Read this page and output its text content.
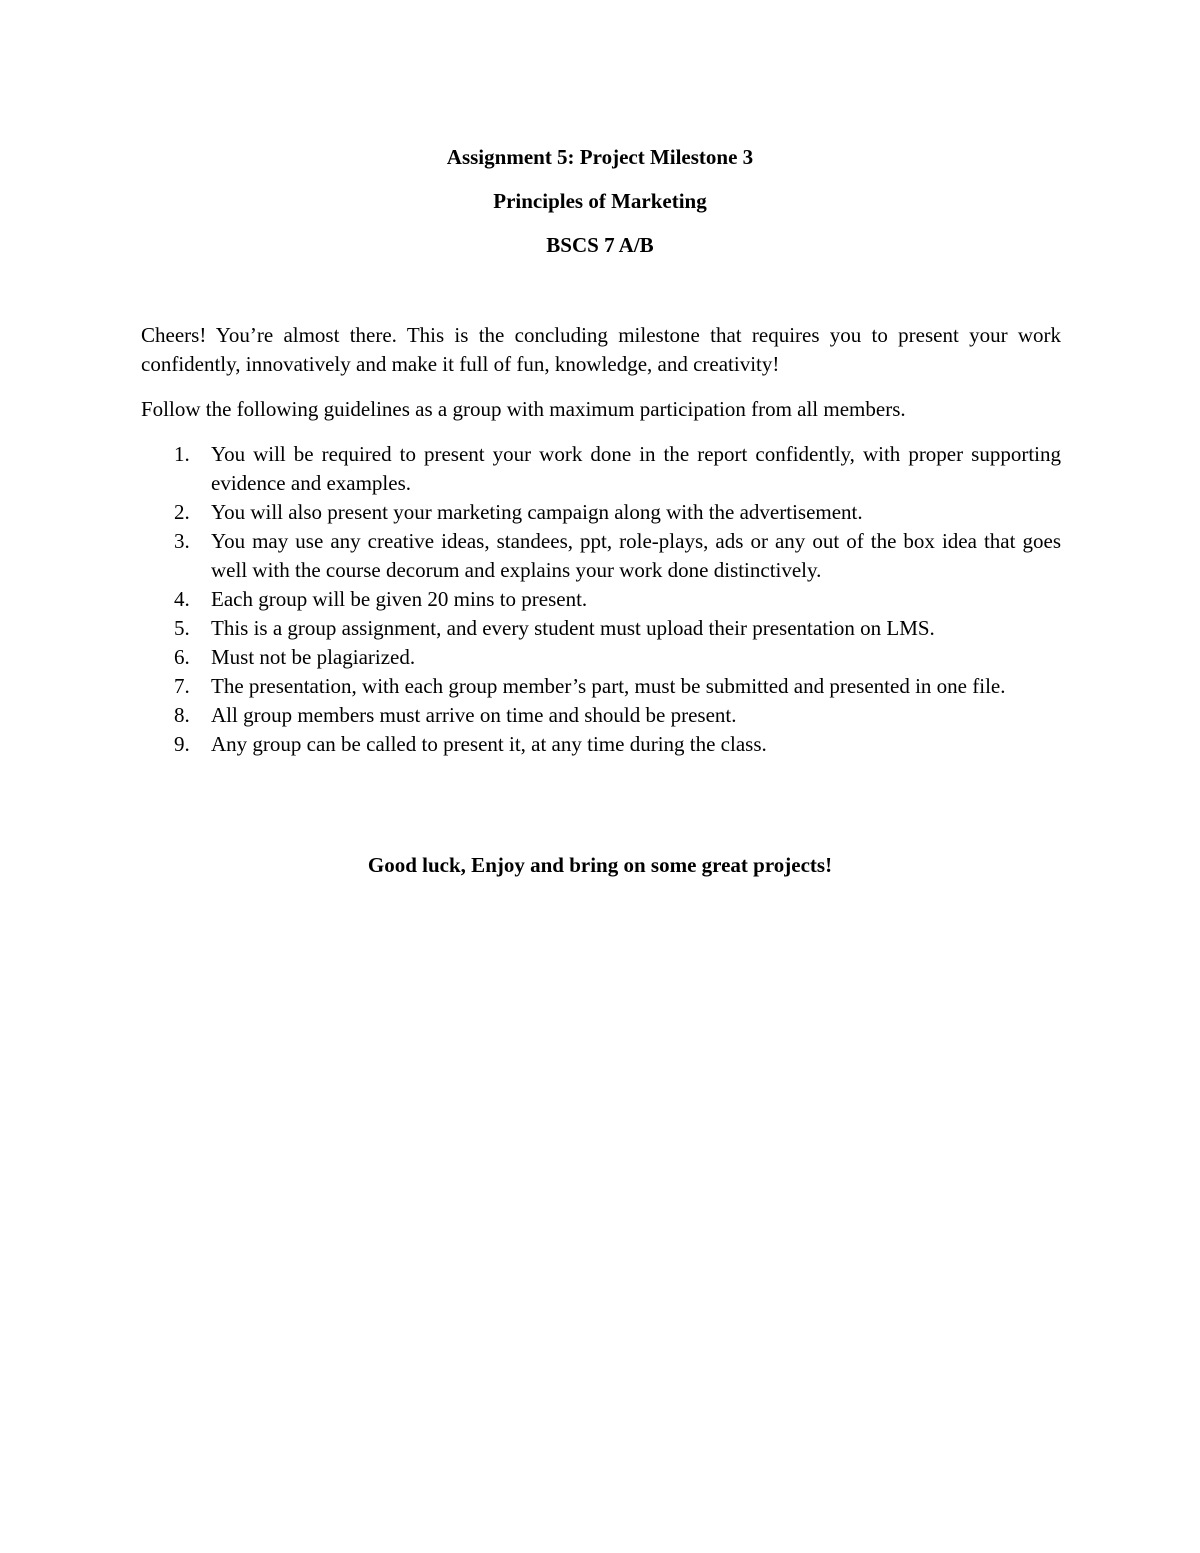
Assignment 5: Project Milestone 3

Principles of Marketing

BSCS 7 A/B

Cheers! You’re almost there. This is the concluding milestone that requires you to present your work confidently, innovatively and make it full of fun, knowledge, and creativity!

Follow the following guidelines as a group with maximum participation from all members.

1. You will be required to present your work done in the report confidently, with proper supporting evidence and examples.
2. You will also present your marketing campaign along with the advertisement.
3. You may use any creative ideas, standees, ppt, role-plays, ads or any out of the box idea that goes well with the course decorum and explains your work done distinctively.
4. Each group will be given 20 mins to present.
5. This is a group assignment, and every student must upload their presentation on LMS.
6. Must not be plagiarized.
7. The presentation, with each group member’s part, must be submitted and presented in one file.
8. All group members must arrive on time and should be present.
9. Any group can be called to present it, at any time during the class.

Good luck, Enjoy and bring on some great projects!
